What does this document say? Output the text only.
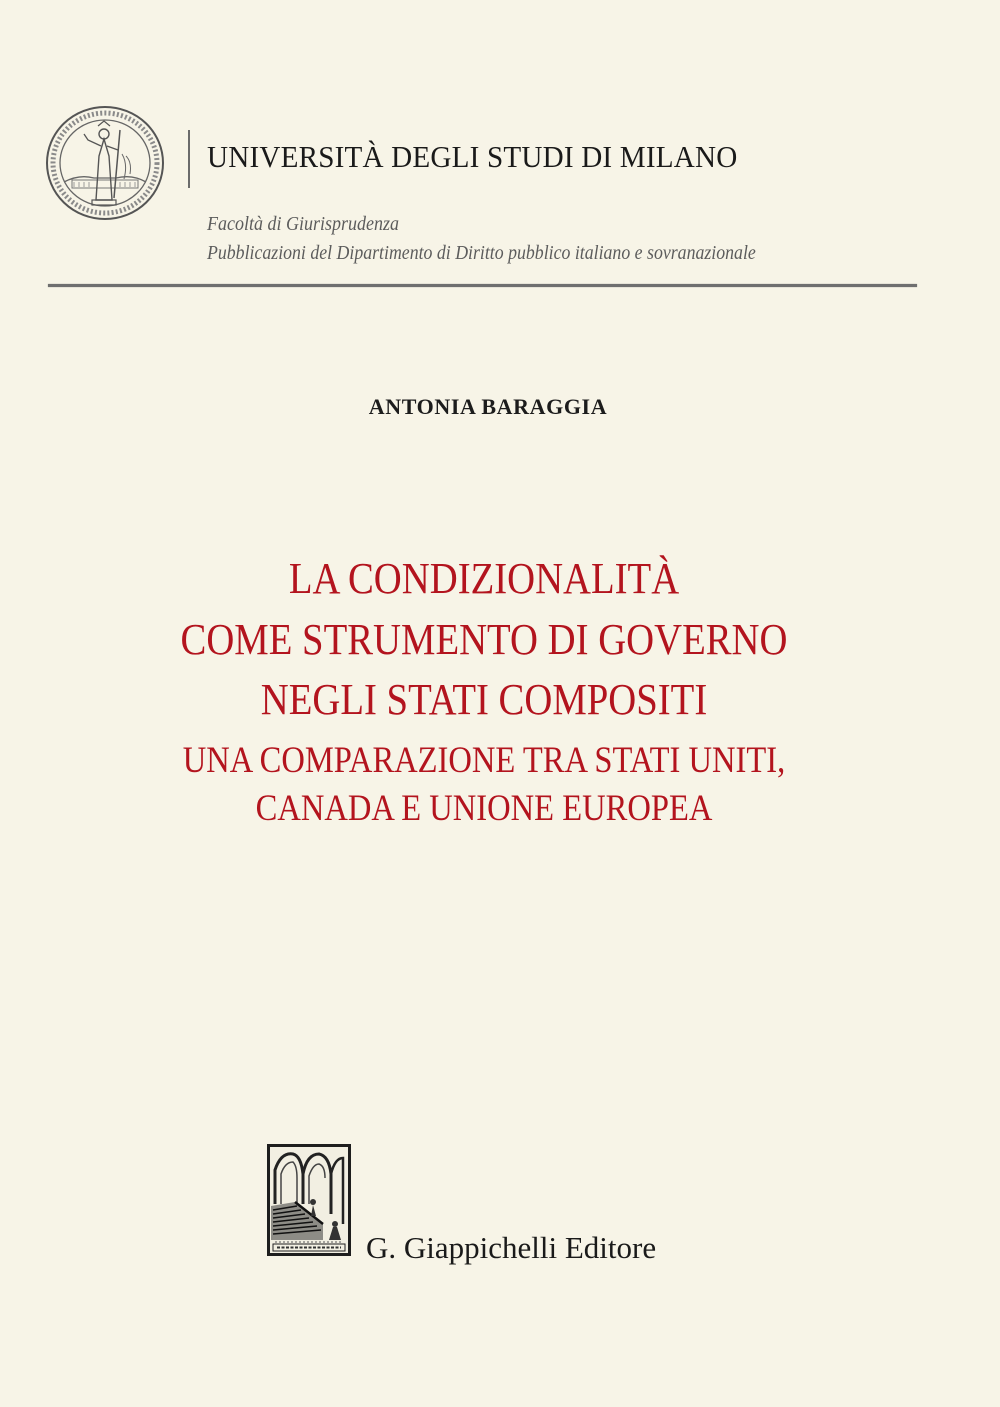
UNIVERSITÀ DEGLI STUDI DI MILANO
Facoltà di Giurisprudenza
Pubblicazioni del Dipartimento di Diritto pubblico italiano e sovranazionale
ANTONIA BARAGGIA
LA CONDIZIONALITÀ
COME STRUMENTO DI GOVERNO
NEGLI STATI COMPOSITI
UNA COMPARAZIONE TRA STATI UNITI,
CANADA E UNIONE EUROPEA
G. Giappichelli Editore
